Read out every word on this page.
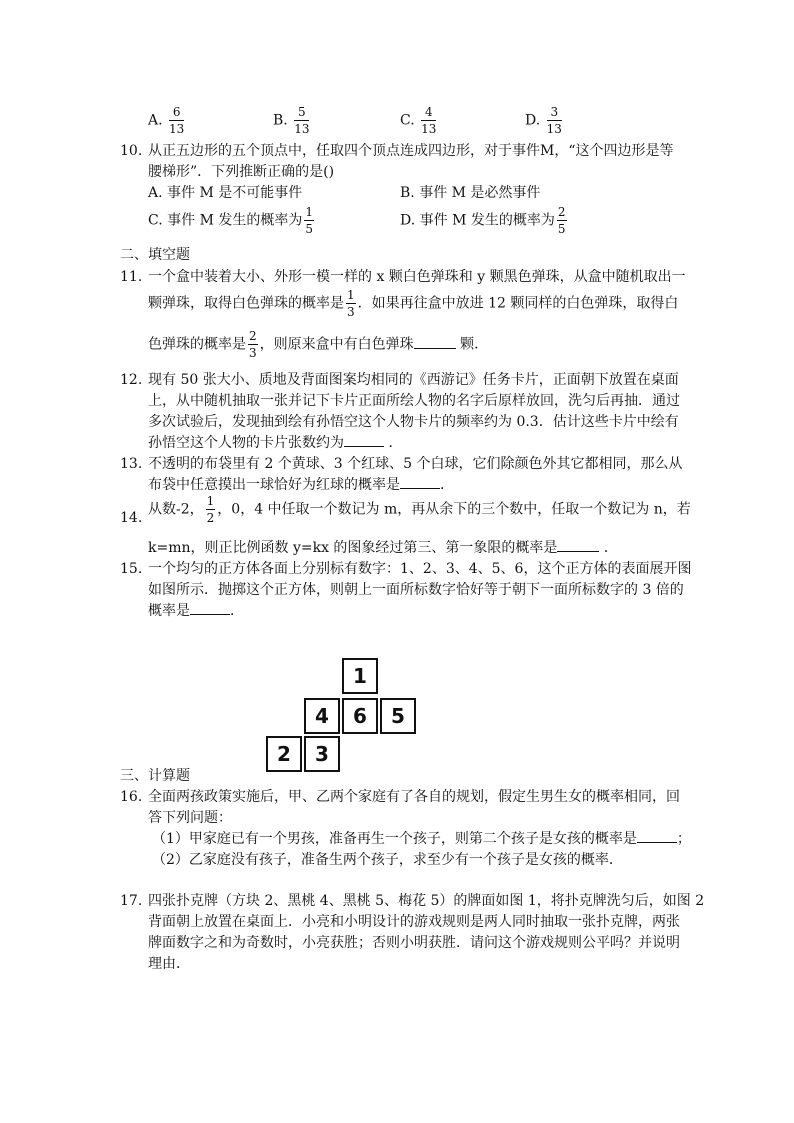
A. $\frac{6}{13}$	B. $\frac{5}{13}$	C. $\frac{4}{13}$	D. $\frac{3}{13}$
10. 从正五边形的五个顶点中，任取四个顶点连成四边形，对于事件M，“这个四边形是等
腰梯形”．下列推断正确的是()
A. 事件 M 是不可能事件	B. 事件 M 是必然事件
C. 事件 M 发生的概率为 $\frac{1}{5}$	D. 事件 M 发生的概率为 $\frac{2}{5}$
二、填空题
11. 一个盒中装着大小、外形一模一样的 x 颗白色弹珠和 y 颗黑色弹珠，从盒中随机取出一
颗弹珠，取得白色弹珠的概率是 $\frac{1}{3}$ ．如果再往盒中放进 12 颗同样的白色弹珠，取得白
色弹珠的概率是 $\frac{2}{3}$ ，则原来盒中有白色弹珠	颗．
12. 现有 50 张大小、质地及背面图案均相同的《西游记》任务卡片，正面朝下放置在桌面
上，从中随机抽取一张并记下卡片正面所绘人物的名字后原样放回，洗匀后再抽．通过
多次试验后，发现抽到绘有孙悟空这个人物卡片的频率约为 0.3．估计这些卡片中绘有
孙悟空这个人物的卡片张数约为	．
13. 不透明的布袋里有 2 个黄球、3 个红球、5 个白球，它们除颜色外其它都相同，那么从
布袋中任意摸出一球恰好为红球的概率是	．
14.
从数-2， $\frac{1}{2}$ ，0，4 中任取一个数记为 m，再从余下的三个数中，任取一个数记为 n，若
k=mn，则正比例函数 y=kx 的图象经过第三、第一象限的概率是	．
15. 一个均匀的正方体各面上分别标有数字：1、2、3、4、5、6，这个正方体的表面展开图
如图所示．抛掷这个正方体，则朝上一面所标数字恰好等于朝下一面所标数字的 3 倍的
概率是	．
1
4	6	5
2	3
三、计算题
16. 全面两孩政策实施后，甲、乙两个家庭有了各自的规划，假定生男生女的概率相同，回
答下列问题：
（1）甲家庭已有一个男孩，准备再生一个孩子，则第二个孩子是女孩的概率是	；
（2）乙家庭没有孩子，准备生两个孩子，求至少有一个孩子是女孩的概率．
17. 四张扑克牌（方块 2、黑桃 4、黑桃 5、梅花 5）的牌面如图 1，将扑克牌洗匀后，如图 2
背面朝上放置在桌面上．小亮和小明设计的游戏规则是两人同时抽取一张扑克牌，两张
牌面数字之和为奇数时，小亮获胜；否则小明获胜．请问这个游戏规则公平吗？并说明
理由．
